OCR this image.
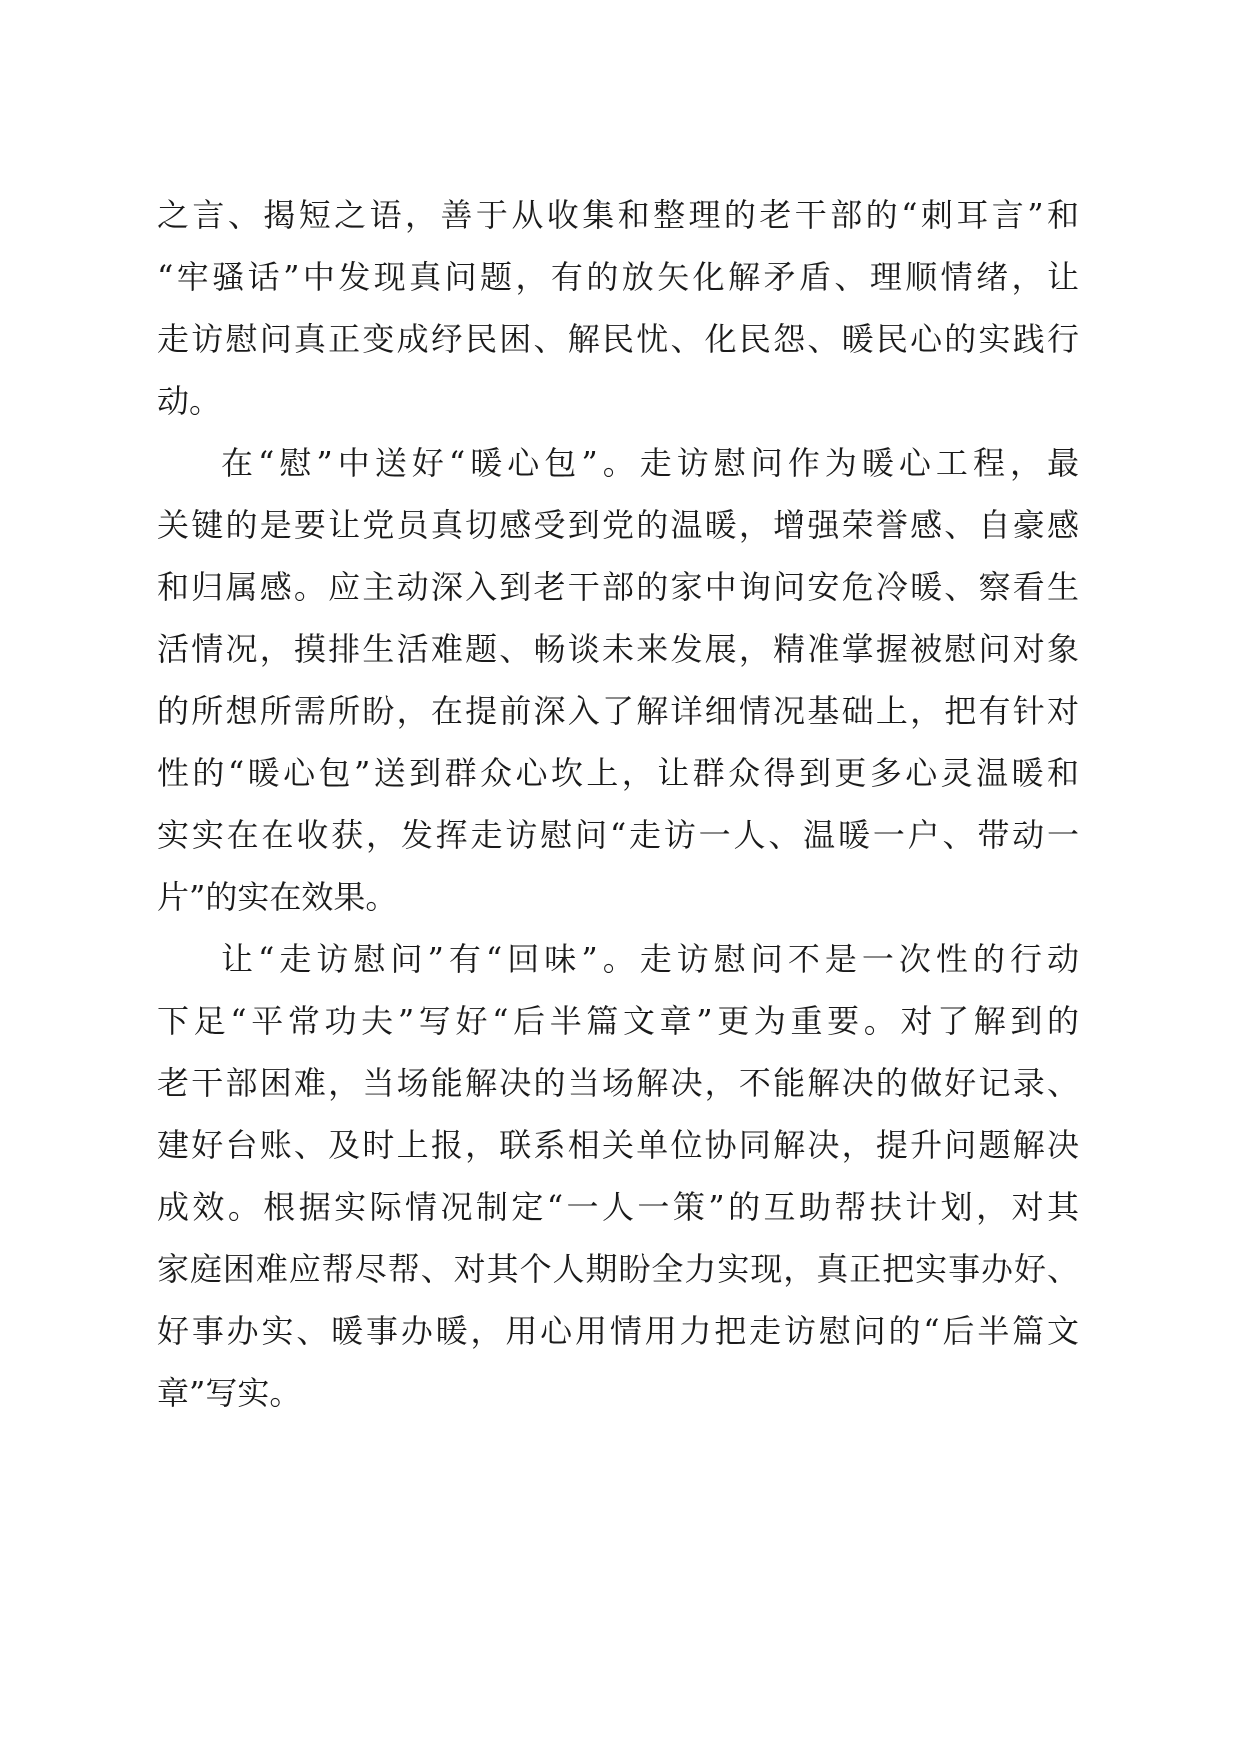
之言、揭短之语，善于从收集和整理的老干部的“刺耳言”和
“牢骚话”中发现真问题，有的放矢化解矛盾、理顺情绪，让
走访慰问真正变成纾民困、解民忧、化民怨、暖民心的实践行
动。
在“慰”中送好“暖心包”。走访慰问作为暖心工程，最
关键的是要让党员真切感受到党的温暖，增强荣誉感、自豪感
和归属感。应主动深入到老干部的家中询问安危冷暖、察看生
活情况，摸排生活难题、畅谈未来发展，精准掌握被慰问对象
的所想所需所盼，在提前深入了解详细情况基础上，把有针对
性的“暖心包”送到群众心坎上，让群众得到更多心灵温暖和
实实在在收获，发挥走访慰问“走访一人、温暖一户、带动一
片”的实在效果。
让“走访慰问”有“回味”。走访慰问不是一次性的行动
下足“平常功夫”写好“后半篇文章”更为重要。对了解到的
老干部困难，当场能解决的当场解决，不能解决的做好记录、
建好台账、及时上报，联系相关单位协同解决，提升问题解决
成效。根据实际情况制定“一人一策”的互助帮扶计划，对其
家庭困难应帮尽帮、对其个人期盼全力实现，真正把实事办好、
好事办实、暖事办暖，用心用情用力把走访慰问的“后半篇文
章”写实。
